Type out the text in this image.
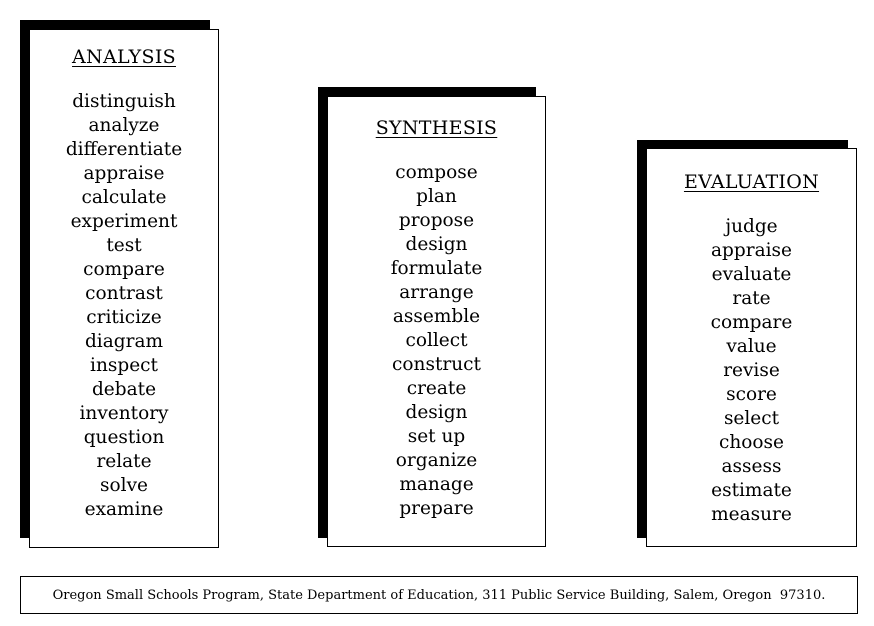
ANALYSIS
distinguish
analyze
differentiate
appraise
calculate
experiment
test
compare
contrast
criticize
diagram
inspect
debate
inventory
question
relate
solve
examine
SYNTHESIS
compose
plan
propose
design
formulate
arrange
assemble
collect
construct
create
design
set up
organize
manage
prepare
EVALUATION
judge
appraise
evaluate
rate
compare
value
revise
score
select
choose
assess
estimate
measure
Oregon Small Schools Program, State Department of Education, 311 Public Service Building, Salem, Oregon  97310.
